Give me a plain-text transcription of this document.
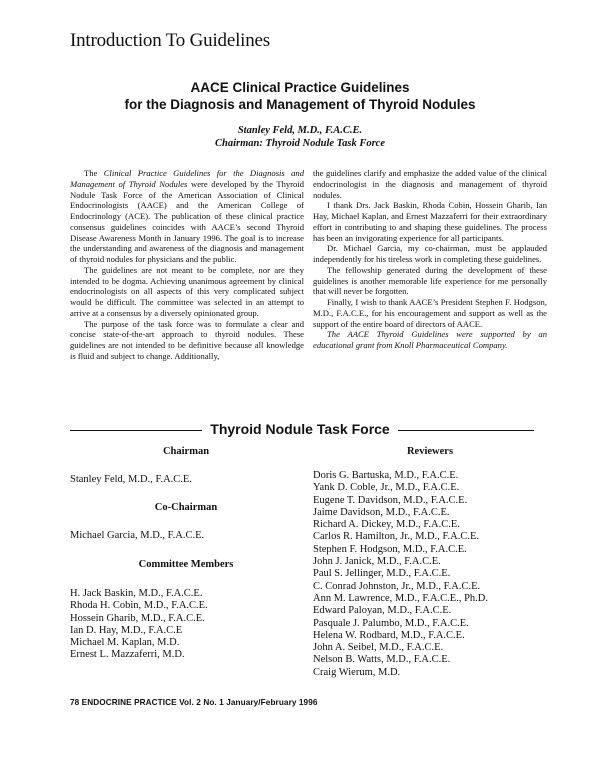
Introduction To Guidelines
AACE Clinical Practice Guidelines
for the Diagnosis and Management of Thyroid Nodules
Stanley Feld, M.D., F.A.C.E.
Chairman: Thyroid Nodule Task Force

The Clinical Practice Guidelines for the Diagnosis and Management of Thyroid Nodules were developed by the Thyroid Nodule Task Force of the American Association of Clinical Endocrinologists (AACE) and the American College of Endocrinology (ACE). The publication of these clinical practice consensus guidelines coincides with AACE’s second Thyroid Disease Awareness Month in January 1996. The goal is to increase the understanding and awareness of the diagnosis and management of thyroid nodules for physicians and the public.

The guidelines are not meant to be complete, nor are they intended to be dogma. Achieving unanimous agreement by clinical endocrinologists on all aspects of this very complicated subject would be difficult. The committee was selected in an attempt to arrive at a consensus by a diversely opinionated group.

The purpose of the task force was to formulate a clear and concise state-of-the-art approach to thyroid nodules. These guidelines are not intended to be definitive because all knowledge is fluid and subject to change. Additionally,

the guidelines clarify and emphasize the added value of the clinical endocrinologist in the diagnosis and management of thyroid nodules.

I thank Drs. Jack Baskin, Rhoda Cobin, Hossein Gharib, Ian Hay, Michael Kaplan, and Ernest Mazzaferri for their extraordinary effort in contributing to and shaping these guidelines. The process has been an invigorating experience for all participants.

Dr. Michael Garcia, my co-chairman, must be applauded independently for his tireless work in completing these guidelines.

The fellowship generated during the development of these guidelines is another memorable life experience for me personally that will never be forgotten.

Finally, I wish to thank AACE’s President Stephen F. Hodgson, M.D., F.A.C.E., for his encouragement and support as well as the support of the entire board of directors of AACE.

The AACE Thyroid Guidelines were supported by an educational grant from Knoll Pharmaceutical Company.

Thyroid Nodule Task Force
Chairman
Stanley Feld, M.D., F.A.C.E.
Co-Chairman
Michael Garcia, M.D., F.A.C.E.
Committee Members
H. Jack Baskin, M.D., F.A.C.E.
Rhoda H. Cobin, M.D., F.A.C.E.
Hossein Gharib, M.D., F.A.C.E.
Ian D. Hay, M.D., F.A.C.E
Michael M. Kaplan, M.D.
Ernest L. Mazzaferri, M.D.
Reviewers
Doris G. Bartuska, M.D., F.A.C.E.
Yank D. Coble, Jr., M.D., F.A.C.E.
Eugene T. Davidson, M.D., F.A.C.E.
Jaime Davidson, M.D., F.A.C.E.
Richard A. Dickey, M.D., F.A.C.E.
Carlos R. Hamilton, Jr., M.D., F.A.C.E.
Stephen F. Hodgson, M.D., F.A.C.E.
John J. Janick, M.D., F.A.C.E.
Paul S. Jellinger, M.D., F.A.C.E.
C. Conrad Johnston, Jr., M.D., F.A.C.E.
Ann M. Lawrence, M.D., F.A.C.E., Ph.D.
Edward Paloyan, M.D., F.A.C.E.
Pasquale J. Palumbo, M.D., F.A.C.E.
Helena W. Rodbard, M.D., F.A.C.E.
John A. Seibel, M.D., F.A.C.E.
Nelson B. Watts, M.D., F.A.C.E.
Craig Wierum, M.D.
78 ENDOCRINE PRACTICE Vol. 2 No. 1 January/February 1996
